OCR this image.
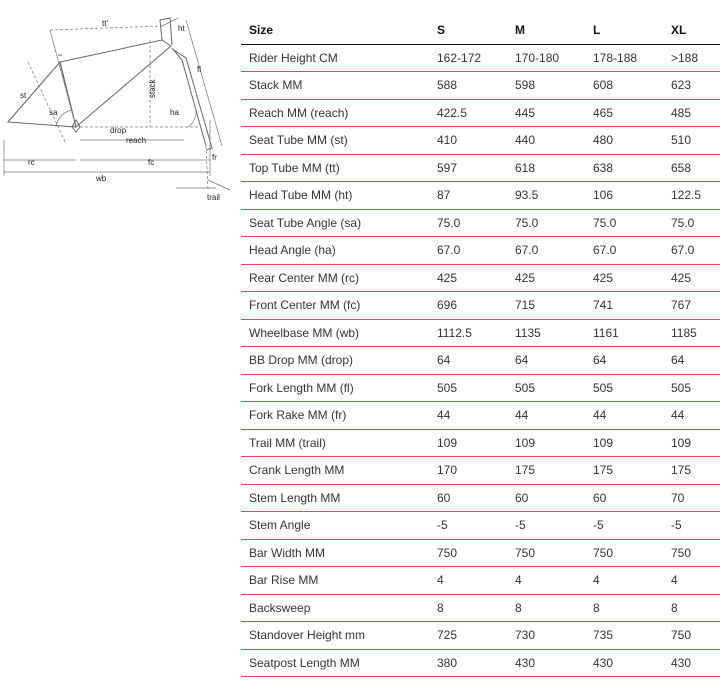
tt'
ht
fl
st
sa
stack
ha
drop
reach
rc	fc
fr
wb
trail
Size	S	M	L	XL
Rider Height CM	162-172	170-180	178-188	>188
Stack MM	588	598	608	623
Reach MM (reach)	422.5	445	465	485
Seat Tube MM (st)	410	440	480	510
Top Tube MM (tt)	597	618	638	658
Head Tube MM (ht)	87	93.5	106	122.5
Seat Tube Angle (sa)	75.0	75.0	75.0	75.0
Head Angle (ha)	67.0	67.0	67.0	67.0
Rear Center MM (rc)	425	425	425	425
Front Center MM (fc)	696	715	741	767
Wheelbase MM (wb)	1112.5	1135	1161	1185
BB Drop MM (drop)	64	64	64	64
Fork Length MM (fl)	505	505	505	505
Fork Rake MM (fr)	44	44	44	44
Trail MM (trail)	109	109	109	109
Crank Length MM	170	175	175	175
Stem Length MM	60	60	60	70
Stem Angle	-5	-5	-5	-5
Bar Width MM	750	750	750	750
Bar Rise MM	4	4	4	4
Backsweep	8	8	8	8
Standover Height mm	725	730	735	750
Seatpost Length MM	380	430	430	430
